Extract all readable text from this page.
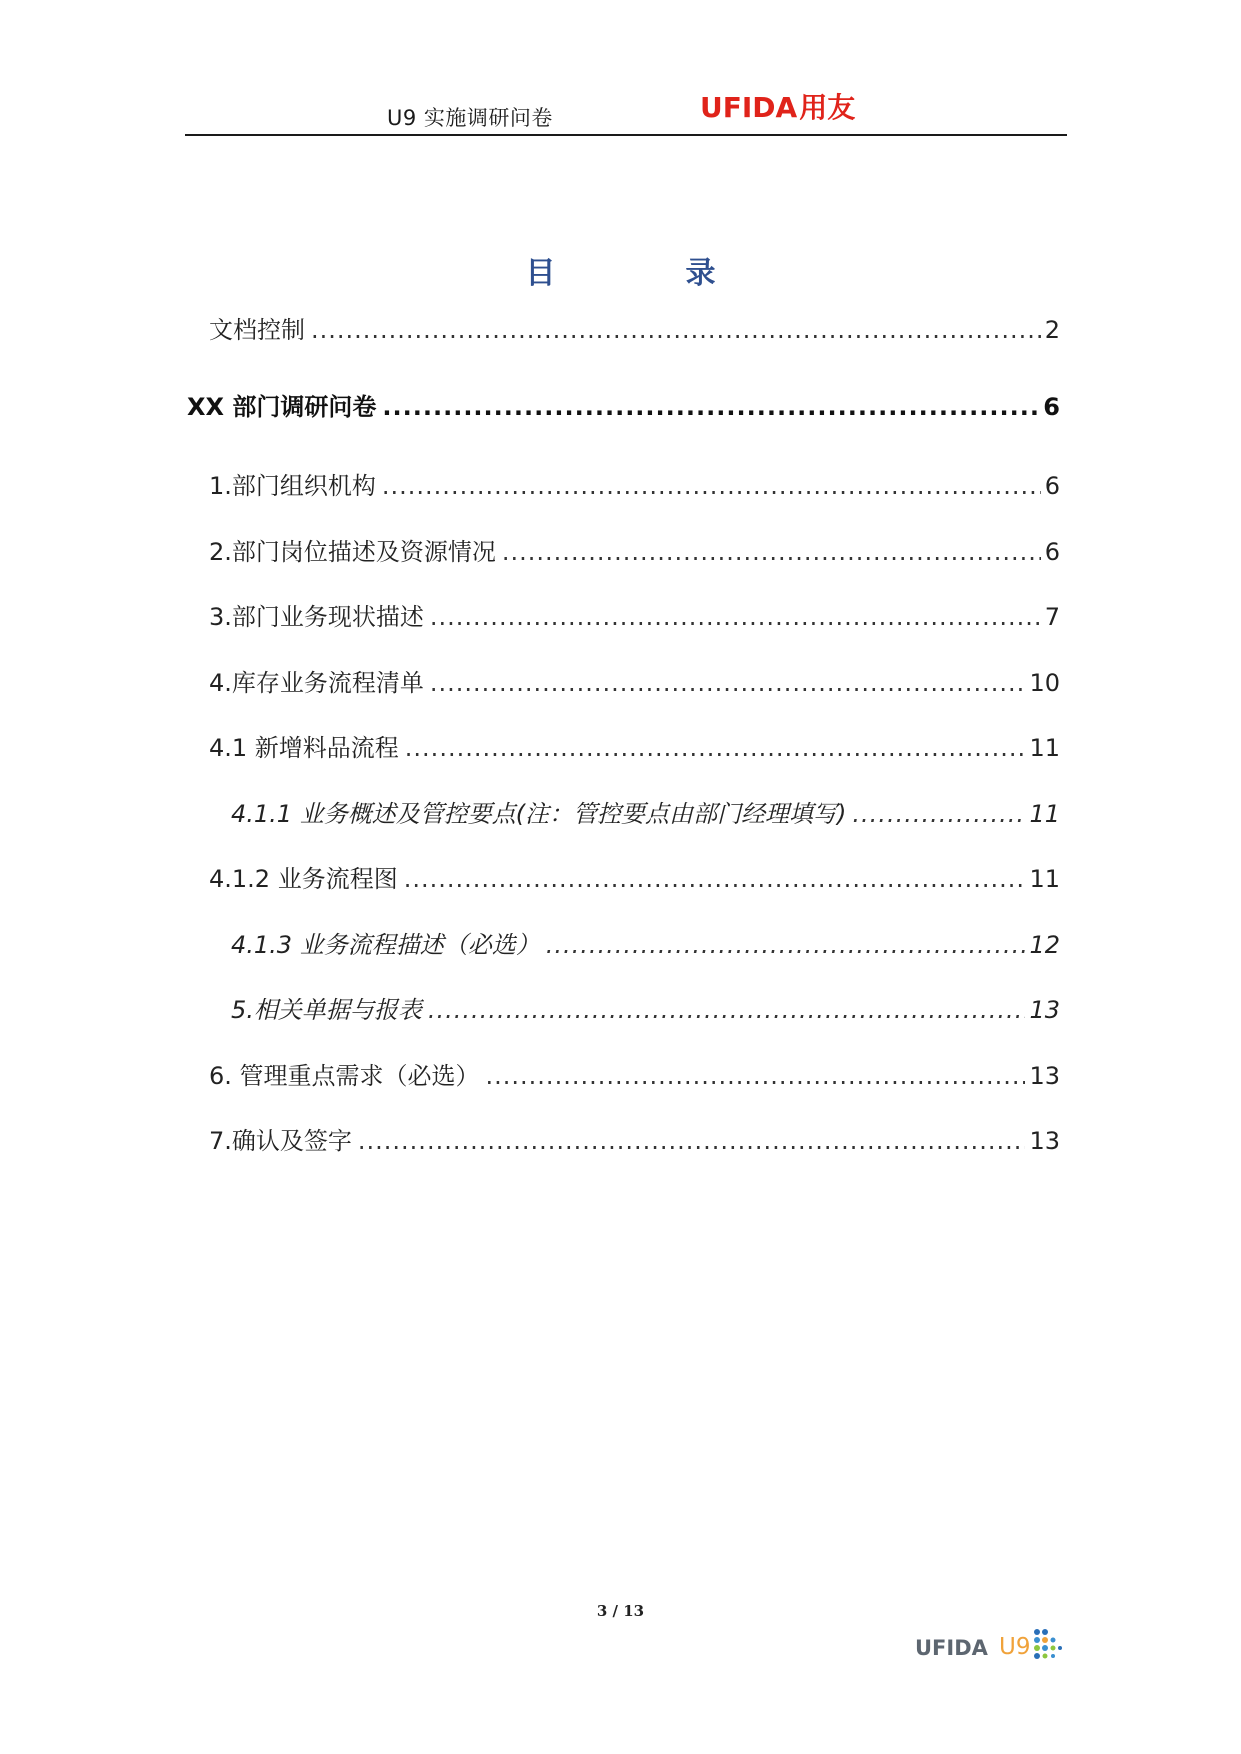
U9 实施调研问卷	UFIDA用友
目	录
文档控制 .....	2
XX 部门调研问卷 .....	6
1.部门组织机构 .....	6
2.部门岗位描述及资源情况 .....	6
3.部门业务现状描述 .....	7
4.库存业务流程清单 .....	10
4.1 新增料品流程 .....	11
4.1.1 业务概述及管控要点(注：管控要点由部门经理填写) .....	11
4.1.2 业务流程图 .....	11
4.1.3 业务流程描述（必选） .....	12
5.相关单据与报表 .....	13
6. 管理重点需求（必选） .....	13
7.确认及签字 .....	13
3 / 13
UFIDA U9
